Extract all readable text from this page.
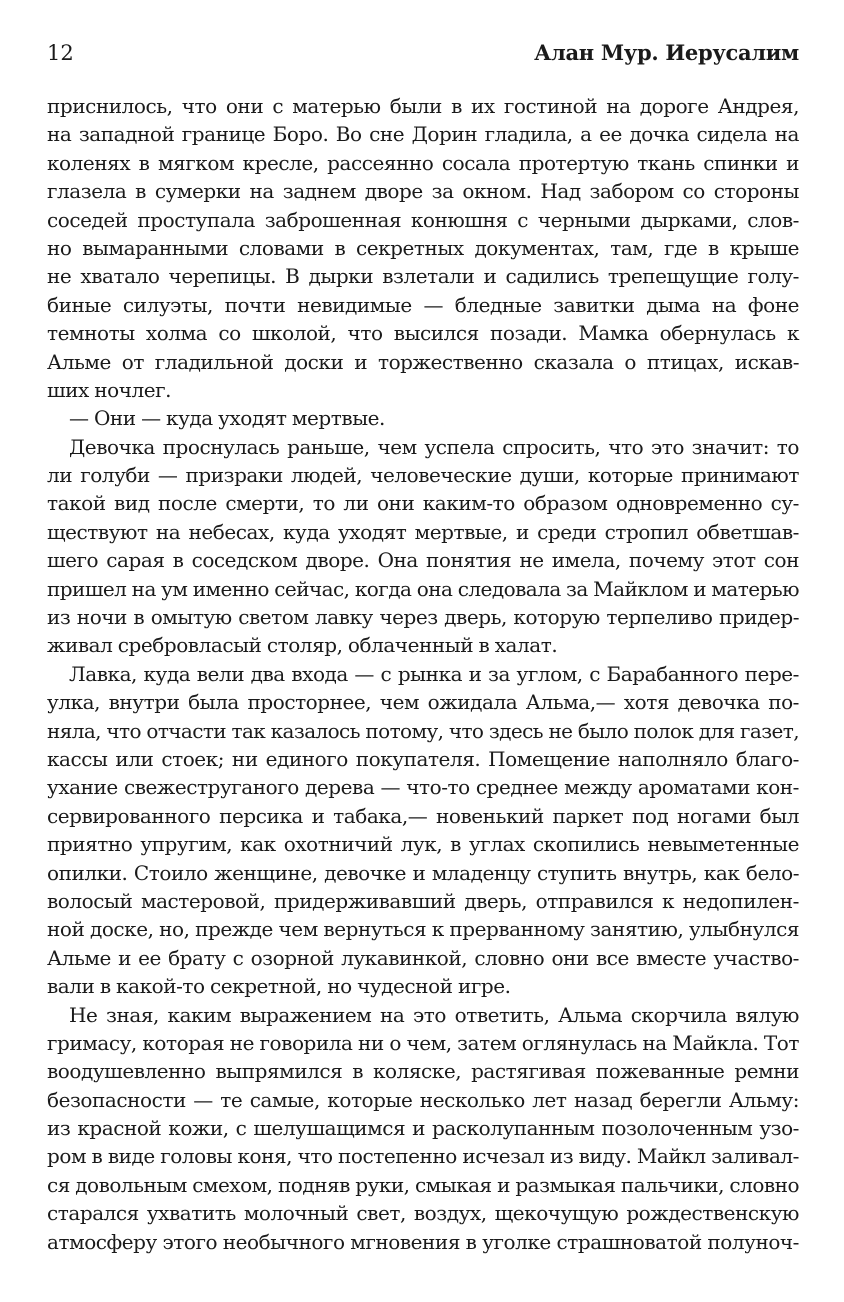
12	Алан Мур. Иерусалим
приснилось, что они с матерью были в их гостиной на дороге Андрея,
на западной границе Боро. Во сне Дорин гладила, а ее дочка сидела на
коленях в мягком кресле, рассеянно сосала протертую ткань спинки и
глазела в сумерки на заднем дворе за окном. Над забором со стороны
соседей проступала заброшенная конюшня с черными дырками, слов-
но вымаранными словами в секретных документах, там, где в крыше
не хватало черепицы. В дырки взлетали и садились трепещущие голу-
биные силуэты, почти невидимые — бледные завитки дыма на фоне
темноты холма со школой, что высился позади. Мамка обернулась к
Альме от гладильной доски и торжественно сказала о птицах, искав-
ших ночлег.
— Они — куда уходят мертвые.
Девочка проснулась раньше, чем успела спросить, что это значит: то
ли голуби — призраки людей, человеческие души, которые принимают
такой вид после смерти, то ли они каким-то образом одновременно су-
ществуют на небесах, куда уходят мертвые, и среди стропил обветшав-
шего сарая в соседском дворе. Она понятия не имела, почему этот сон
пришел на ум именно сейчас, когда она следовала за Майклом и матерью
из ночи в омытую светом лавку через дверь, которую терпеливо придер-
живал сребровласый столяр, облаченный в халат.
Лавка, куда вели два входа — с рынка и за углом, с Барабанного пере-
улка, внутри была просторнее, чем ожидала Альма,— хотя девочка по-
няла, что отчасти так казалось потому, что здесь не было полок для газет,
кассы или стоек; ни единого покупателя. Помещение наполняло благо-
ухание свежеструганого дерева — что-то среднее между ароматами кон-
сервированного персика и табака,— новенький паркет под ногами был
приятно упругим, как охотничий лук, в углах скопились невыметенные
опилки. Стоило женщине, девочке и младенцу ступить внутрь, как бело-
волосый мастеровой, придерживавший дверь, отправился к недопилен-
ной доске, но, прежде чем вернуться к прерванному занятию, улыбнулся
Альме и ее брату с озорной лукавинкой, словно они все вместе участво-
вали в какой-то секретной, но чудесной игре.
Не зная, каким выражением на это ответить, Альма скорчила вялую
гримасу, которая не говорила ни о чем, затем оглянулась на Майкла. Тот
воодушевленно выпрямился в коляске, растягивая пожеванные ремни
безопасности — те самые, которые несколько лет назад берегли Альму:
из красной кожи, с шелушащимся и расколупанным позолоченным узо-
ром в виде головы коня, что постепенно исчезал из виду. Майкл заливал-
ся довольным смехом, подняв руки, смыкая и размыкая пальчики, словно
старался ухватить молочный свет, воздух, щекочущую рождественскую
атмосферу этого необычного мгновения в уголке страшноватой полуноч-
